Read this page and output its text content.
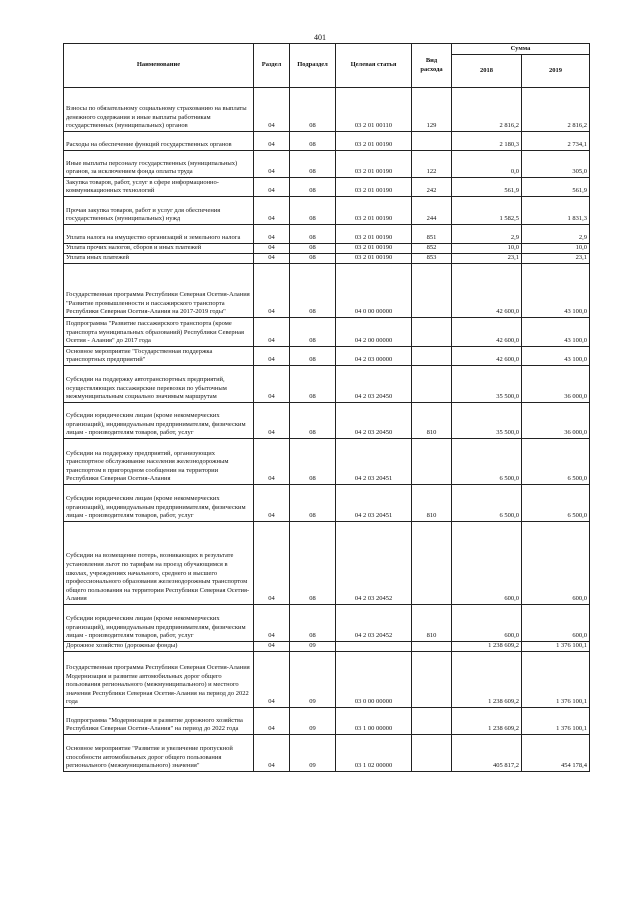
401
Наименование	Раздел	Подраздел	Целевая статья	Вид расхода	Сумма	
					2018	2019
Взносы по обязательному социальному страхованию на выплаты денежного содержания и иные выплаты работникам государственных (муниципальных) органов	04	08	03 2 01 00110	129	2 816,2	2 816,2
Расходы на обеспечение функций государственных органов	04	08	03 2 01 00190		2 180,3	2 734,1
Иные выплаты персоналу государственных (муниципальных) органов, за исключением фонда оплаты труда	04	08	03 2 01 00190	122	0,0	305,0
Закупка товаров, работ, услуг в сфере информационно-коммуникационных технологий	04	08	03 2 01 00190	242	561,9	561,9
Прочая закупка товаров, работ и услуг для обеспечения государственных (муниципальных) нужд	04	08	03 2 01 00190	244	1 582,5	1 831,3
Уплата налога на имущество организаций и земельного налога	04	08	03 2 01 00190	851	2,9	2,9
Уплата прочих налогов, сборов и иных платежей	04	08	03 2 01 00190	852	10,0	10,0
Уплата иных платежей	04	08	03 2 01 00190	853	23,1	23,1
Государственная программа Республики Северная Осетия-Алания "Развитие промышленности и пассажирского транспорта Республики Северная Осетия-Алания на 2017-2019 годы"	04	08	04 0 00 00000		42 600,0	43 100,0
Подпрограмма "Развитие пассажирского транспорта (кроме транспорта муниципальных образований) Республики Северная Осетия - Алания" до 2017 года	04	08	04 2 00 00000		42 600,0	43 100,0
Основное мероприятие "Государственная поддержка транспортных предприятий"	04	08	04 2 03 00000		42 600,0	43 100,0
Субсидии на поддержку автотранспортных предприятий, осуществляющих пассажирские перевозки по убыточным межмуниципальным социально значимым маршрутам	04	08	04 2 03 20450		35 500,0	36 000,0
Субсидии юридическим лицам (кроме некоммерческих организаций), индивидуальным предпринимателям, физическим лицам - производителям товаров, работ, услуг	04	08	04 2 03 20450	810	35 500,0	36 000,0
Субсидии на поддержку предприятий, организующих транспортное обслуживание населения железнодорожным транспортом в пригородном сообщении на территории Республики Северная Осетия-Алания	04	08	04 2 03 20451		6 500,0	6 500,0
Субсидии юридическим лицам (кроме некоммерческих организаций), индивидуальным предпринимателям, физическим лицам - производителям товаров, работ, услуг	04	08	04 2 03 20451	810	6 500,0	6 500,0
Субсидии на возмещение потерь, возникающих в результате установления льгот по тарифам на проезд обучающимся в школах, учреждениях начального, среднего и высшего профессионального образования железнодорожным транспортом общего пользования на территории Республики Северная Осетия-Алания	04	08	04 2 03 20452		600,0	600,0
Субсидии юридическим лицам (кроме некоммерческих организаций), индивидуальным предпринимателям, физическим лицам - производителям товаров, работ, услуг	04	08	04 2 03 20452	810	600,0	600,0
Дорожное хозяйство (дорожные фонды)	04	09			1 238 609,2	1 376 100,1
Государственная программа Республики Северная Осетия-Алания Модернизация и развитие автомобильных дорог общего пользования регионального (межмуниципального) и местного значения Республики Северная Осетия-Алания на период до 2022 года	04	09	03 0 00 00000		1 238 609,2	1 376 100,1
Подпрограмма "Модернизация и развитие дорожного хозяйства Республики Северная Осетия-Алания" на период до 2022 года	04	09	03 1 00 00000		1 238 609,2	1 376 100,1
Основное мероприятие "Развитие и увеличение пропускной способности автомобильных дорог общего пользования регионального (межмуниципального) значения"	04	09	03 1 02 00000		405 817,2	454 178,4
